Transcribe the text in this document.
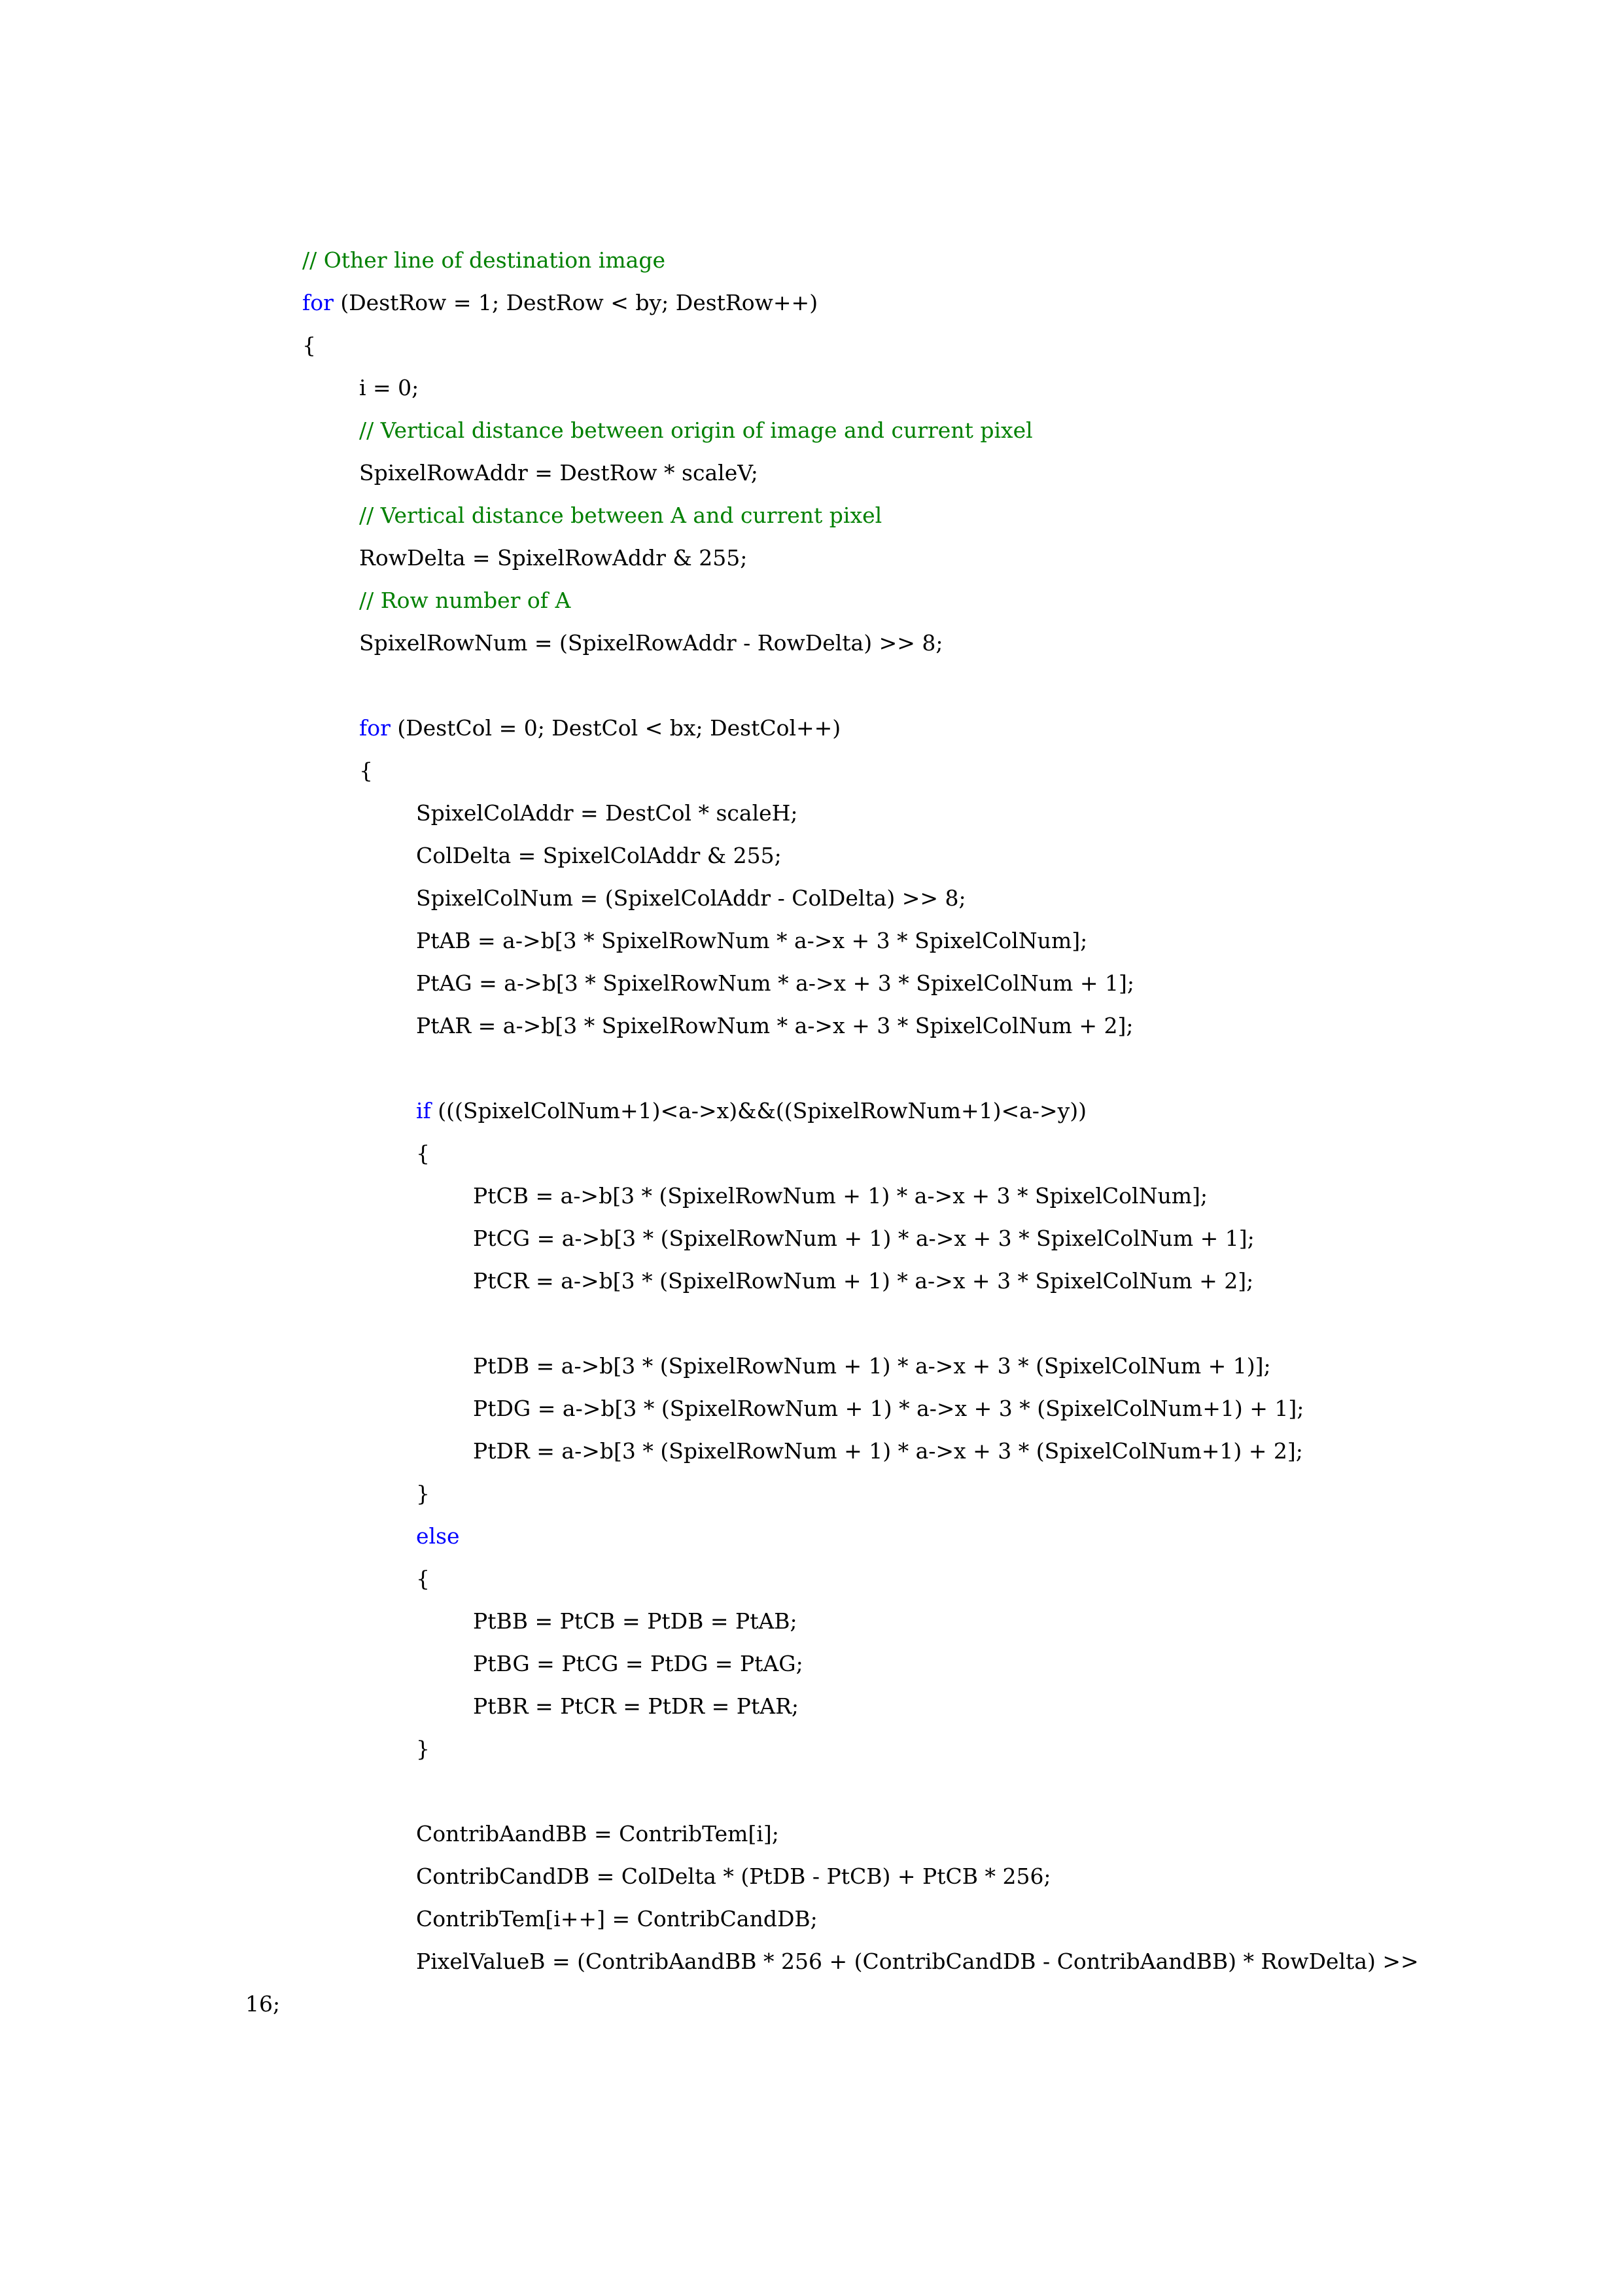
// Other line of destination image
for (DestRow = 1; DestRow < by; DestRow++)
{
i = 0;
// Vertical distance between origin of image and current pixel
SpixelRowAddr = DestRow * scaleV;
// Vertical distance between A and current pixel
RowDelta = SpixelRowAddr & 255;
// Row number of A
SpixelRowNum = (SpixelRowAddr - RowDelta) >> 8;
for (DestCol = 0; DestCol < bx; DestCol++)
{
SpixelColAddr = DestCol * scaleH;
ColDelta = SpixelColAddr & 255;
SpixelColNum = (SpixelColAddr - ColDelta) >> 8;
PtAB = a->b[3 * SpixelRowNum * a->x + 3 * SpixelColNum];
PtAG = a->b[3 * SpixelRowNum * a->x + 3 * SpixelColNum + 1];
PtAR = a->b[3 * SpixelRowNum * a->x + 3 * SpixelColNum + 2];
if (((SpixelColNum+1)<a->x)&&((SpixelRowNum+1)<a->y))
{
PtCB = a->b[3 * (SpixelRowNum + 1) * a->x + 3 * SpixelColNum];
PtCG = a->b[3 * (SpixelRowNum + 1) * a->x + 3 * SpixelColNum + 1];
PtCR = a->b[3 * (SpixelRowNum + 1) * a->x + 3 * SpixelColNum + 2];
PtDB = a->b[3 * (SpixelRowNum + 1) * a->x + 3 * (SpixelColNum + 1)];
PtDG = a->b[3 * (SpixelRowNum + 1) * a->x + 3 * (SpixelColNum+1) + 1];
PtDR = a->b[3 * (SpixelRowNum + 1) * a->x + 3 * (SpixelColNum+1) + 2];
}
else
{
PtBB = PtCB = PtDB = PtAB;
PtBG = PtCG = PtDG = PtAG;
PtBR = PtCR = PtDR = PtAR;
}
ContribAandBB = ContribTem[i];
ContribCandDB = ColDelta * (PtDB - PtCB) + PtCB * 256;
ContribTem[i++] = ContribCandDB;
PixelValueB = (ContribAandBB * 256 + (ContribCandDB - ContribAandBB) * RowDelta) >>
16;
